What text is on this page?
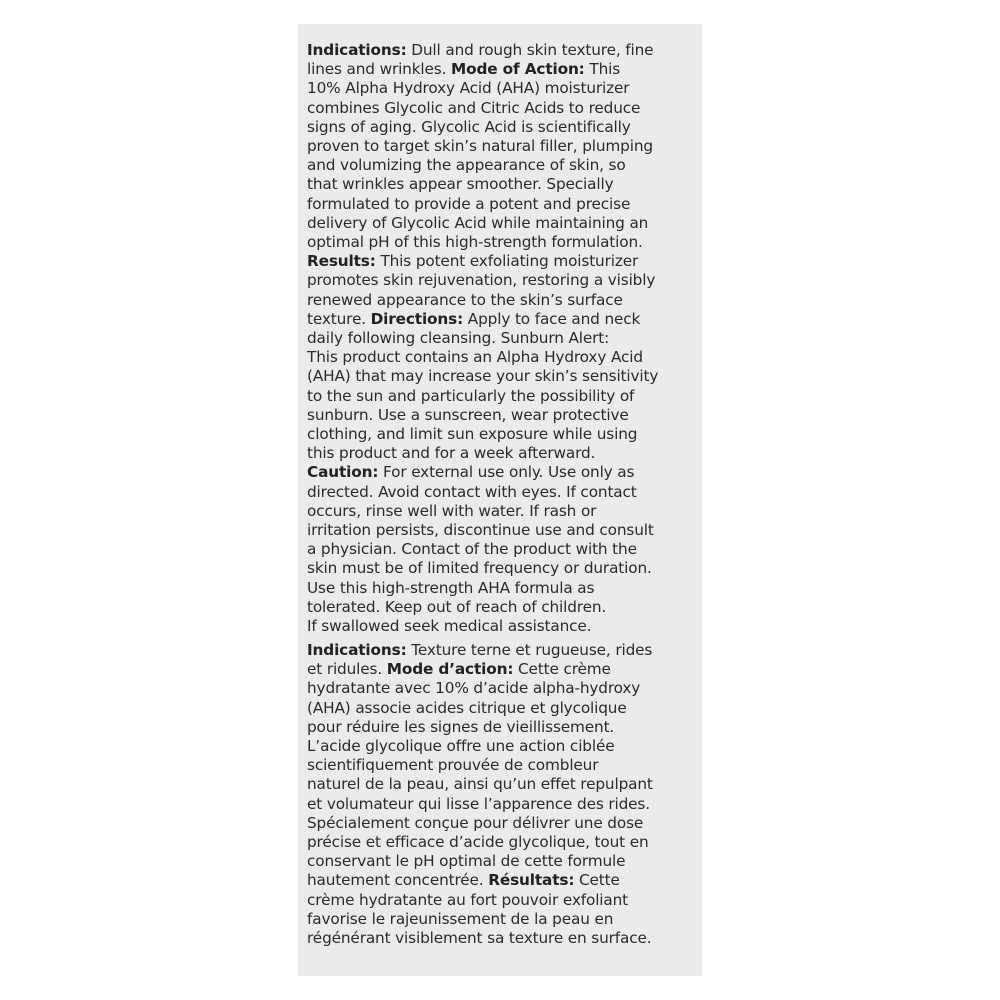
Indications: Dull and rough skin texture, fine
lines and wrinkles. Mode of Action: This
10% Alpha Hydroxy Acid (AHA) moisturizer
combines Glycolic and Citric Acids to reduce
signs of aging. Glycolic Acid is scientifically
proven to target skin’s natural filler, plumping
and volumizing the appearance of skin, so
that wrinkles appear smoother. Specially
formulated to provide a potent and precise
delivery of Glycolic Acid while maintaining an
optimal pH of this high-strength formulation.
Results: This potent exfoliating moisturizer
promotes skin rejuvenation, restoring a visibly
renewed appearance to the skin’s surface
texture. Directions: Apply to face and neck
daily following cleansing. Sunburn Alert:
This product contains an Alpha Hydroxy Acid
(AHA) that may increase your skin’s sensitivity
to the sun and particularly the possibility of
sunburn. Use a sunscreen, wear protective
clothing, and limit sun exposure while using
this product and for a week afterward.
Caution: For external use only. Use only as
directed. Avoid contact with eyes. If contact
occurs, rinse well with water. If rash or
irritation persists, discontinue use and consult
a physician. Contact of the product with the
skin must be of limited frequency or duration.
Use this high-strength AHA formula as
tolerated. Keep out of reach of children.
If swallowed seek medical assistance.
Indications: Texture terne et rugueuse, rides
et ridules. Mode d’action: Cette crème
hydratante avec 10% d’acide alpha-hydroxy
(AHA) associe acides citrique et glycolique
pour réduire les signes de vieillissement.
L’acide glycolique offre une action ciblée
scientifiquement prouvée de combleur
naturel de la peau, ainsi qu’un effet repulpant
et volumateur qui lisse l’apparence des rides.
Spécialement conçue pour délivrer une dose
précise et efficace d’acide glycolique, tout en
conservant le pH optimal de cette formule
hautement concentrée. Résultats: Cette
crème hydratante au fort pouvoir exfoliant
favorise le rajeunissement de la peau en
régénérant visiblement sa texture en surface.
